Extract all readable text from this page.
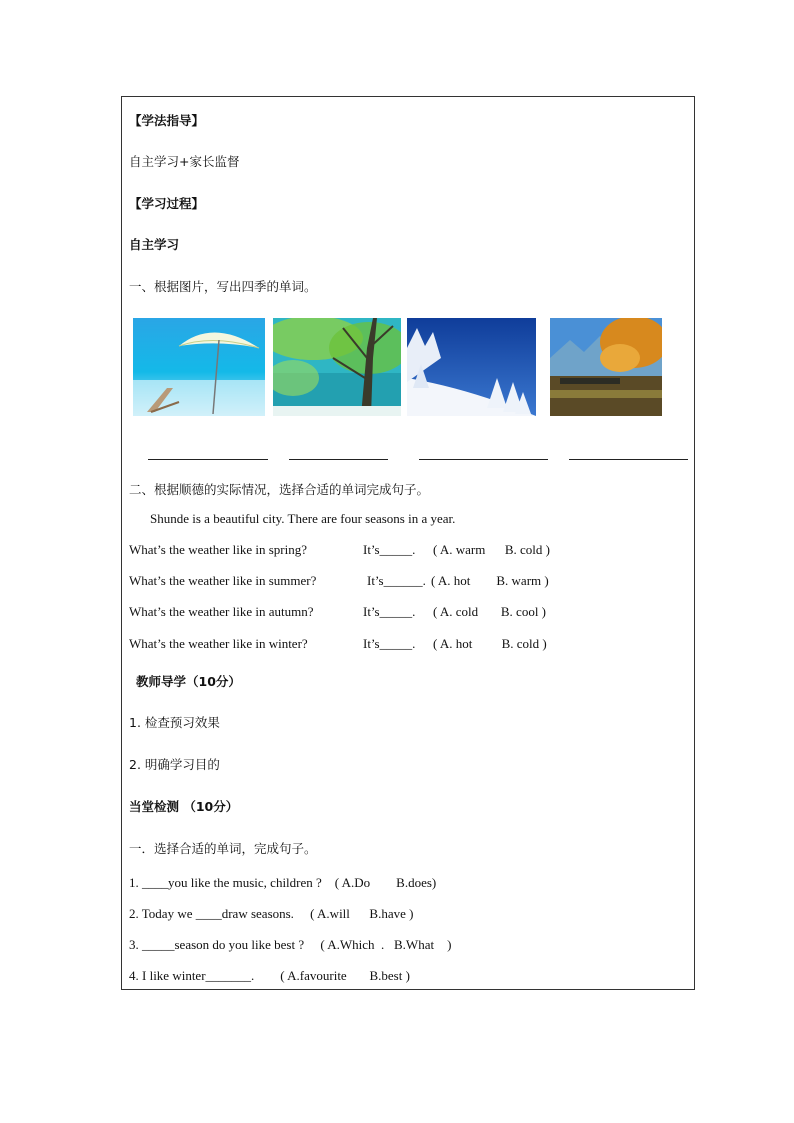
【学法指导】
自主学习+家长监督
【学习过程】
自主学习
一、根据图片，写出四季的单词。
二、根据顺德的实际情况，选择合适的单词完成句子。
Shunde is a beautiful city. There are four seasons in a year.
What’s the weather like in spring?	It’s_____. ( A. warm      B. cold )
What’s the weather like in summer?	It’s______. ( A. hot        B. warm )
What’s the weather like in autumn?	It’s_____. ( A. cold       B. cool )
What’s the weather like in winter?	It’s_____. ( A. hot         B. cold )
教师导学（10分）
1. 检查预习效果
2. 明确学习目的
当堂检测 （10分）
一．选择合适的单词，完成句子。
1. ____you like the music, children ?    ( A.Do        B.does)
2. Today we ____draw seasons.     ( A.will      B.have )
3. _____season do you like best ?     ( A.Which  .   B.What    )
4. I like winter_______.        ( A.favourite       B.best )
